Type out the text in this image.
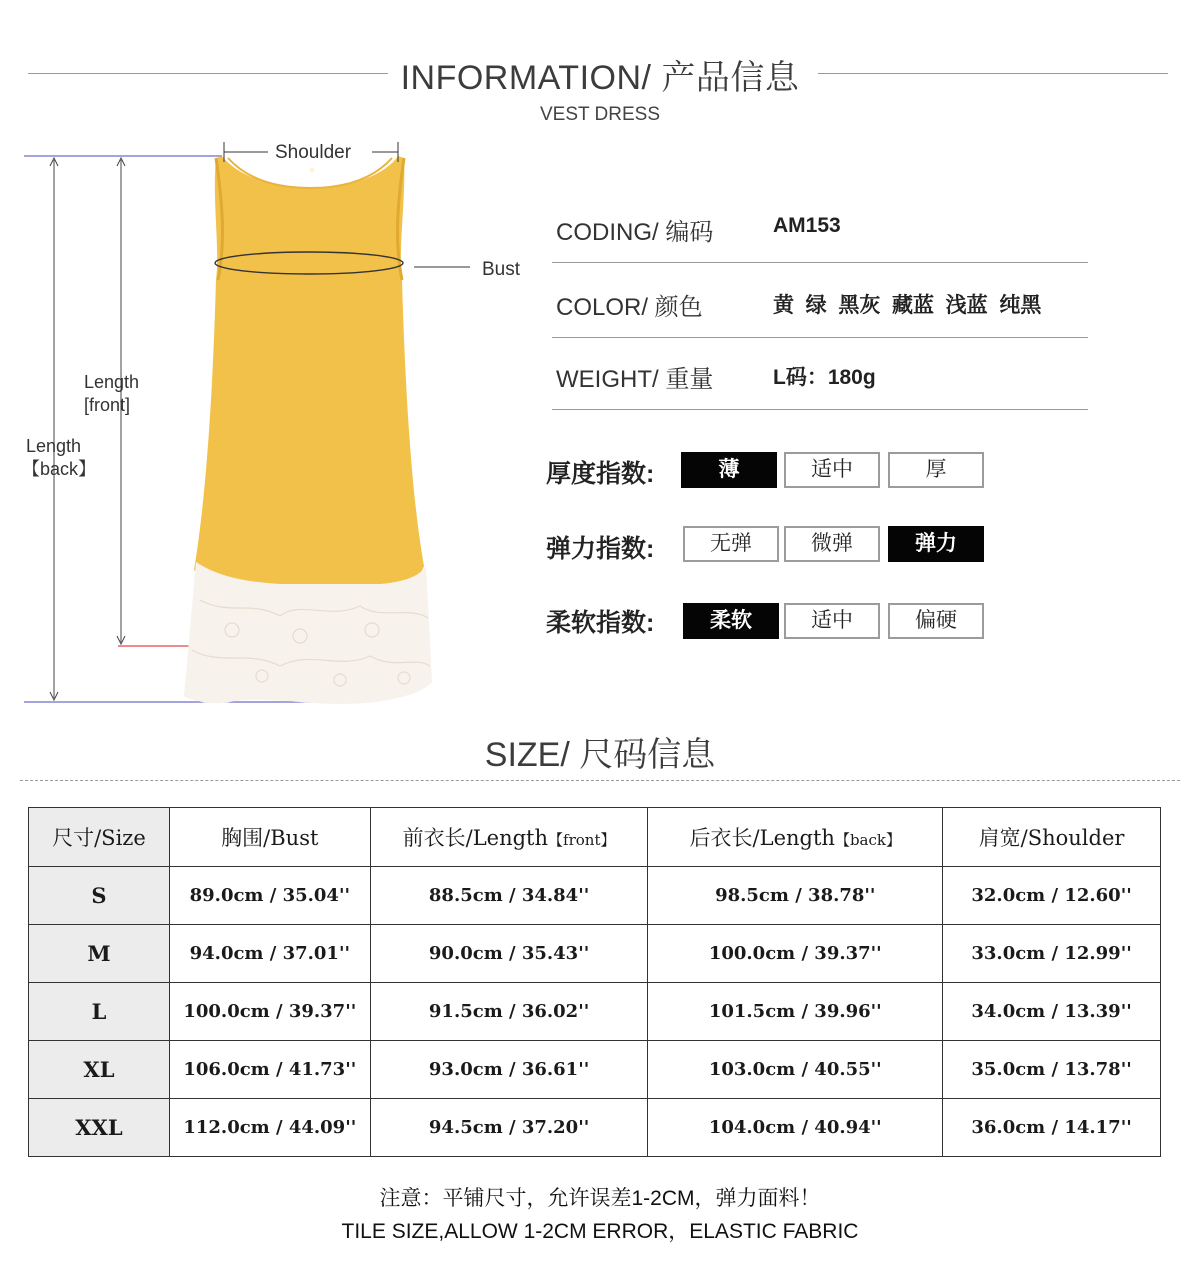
INFORMATION/ 产品信息
VEST DRESS
Shoulder
Bust
Length
[front]
Length
【back】
CODING/ 编码	AM153
COLOR/ 颜色	黄  绿  黑灰  藏蓝  浅蓝  纯黑
WEIGHT/ 重量	L码：180g
厚度指数:	薄	适中	厚
弹力指数:	无弹	微弹	弹力
柔软指数:	柔软	适中	偏硬
SIZE/ 尺码信息
尺寸/Size	胸围/Bust	前衣长/Length【front】	后衣长/Length【back】	肩宽/Shoulder
S	89.0cm / 35.04''	88.5cm / 34.84''	98.5cm / 38.78''	32.0cm / 12.60''
M	94.0cm / 37.01''	90.0cm / 35.43''	100.0cm / 39.37''	33.0cm / 12.99''
L	100.0cm / 39.37''	91.5cm / 36.02''	101.5cm / 39.96''	34.0cm / 13.39''
XL	106.0cm / 41.73''	93.0cm / 36.61''	103.0cm / 40.55''	35.0cm / 13.78''
XXL	112.0cm / 44.09''	94.5cm / 37.20''	104.0cm / 40.94''	36.0cm / 14.17''
注意：平铺尺寸，允许误差1-2CM，弹力面料！
TILE SIZE,ALLOW 1-2CM ERROR，ELASTIC FABRIC
